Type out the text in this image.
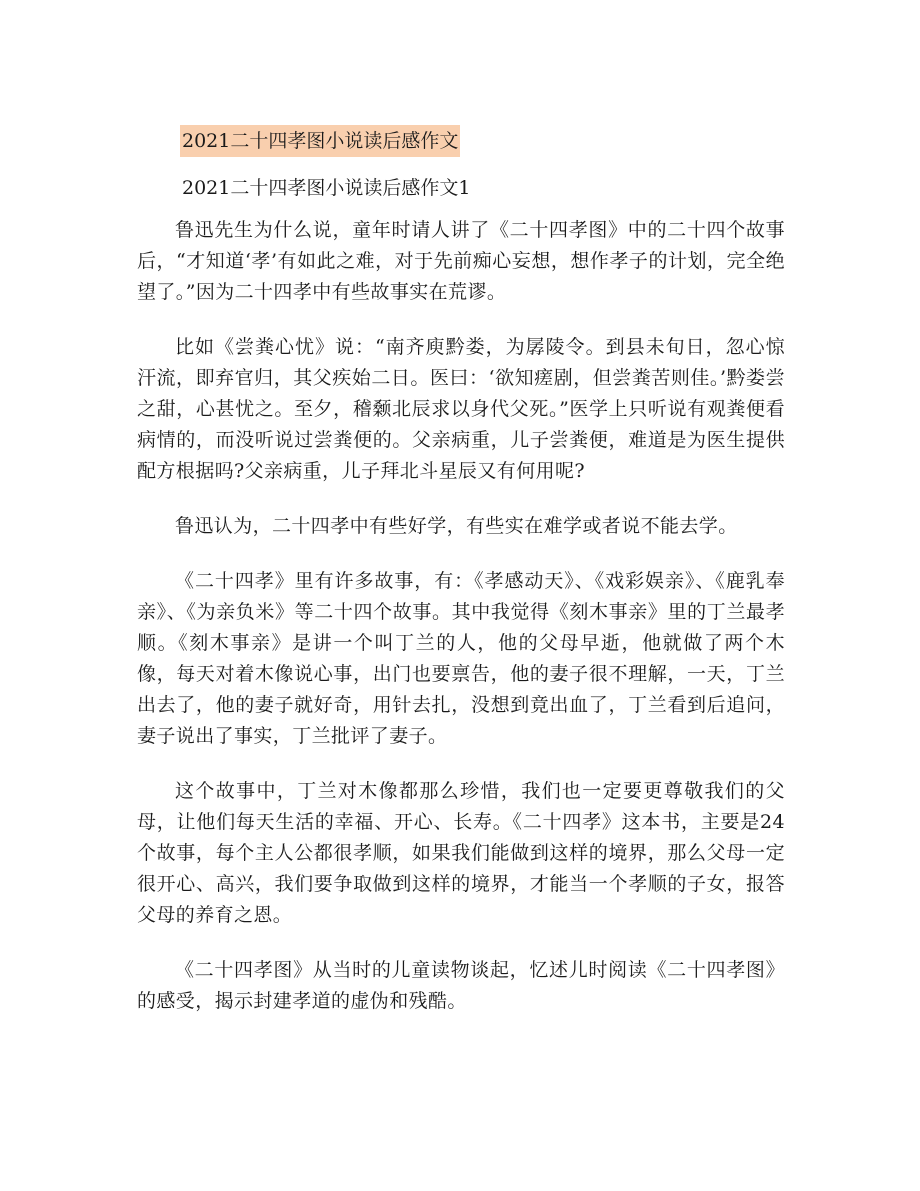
2021二十四孝图小说读后感作文
2021二十四孝图小说读后感作文1

鲁迅先生为什么说，童年时请人讲了《二十四孝图》中的二十四个故事后，“才知道‘孝’有如此之难，对于先前痴心妄想，想作孝子的计划，完全绝望了。”因为二十四孝中有些故事实在荒谬。

比如《尝粪心忧》说：“南齐庾黔娄，为孱陵令。到县未旬日，忽心惊汗流，即弃官归，其父疾始二日。医曰：‘欲知瘥剧，但尝粪苦则佳。’黔娄尝之甜，心甚忧之。至夕，稽颡北辰求以身代父死。”医学上只听说有观粪便看病情的，而没听说过尝粪便的。父亲病重，儿子尝粪便，难道是为医生提供配方根据吗?父亲病重，儿子拜北斗星辰又有何用呢?

鲁迅认为，二十四孝中有些好学，有些实在难学或者说不能去学。

《二十四孝》里有许多故事，有：《孝感动天》、《戏彩娱亲》、《鹿乳奉亲》、《为亲负米》等二十四个故事。其中我觉得《刻木事亲》里的丁兰最孝顺。《刻木事亲》是讲一个叫丁兰的人，他的父母早逝，他就做了两个木像，每天对着木像说心事，出门也要禀告，他的妻子很不理解，一天，丁兰出去了，他的妻子就好奇，用针去扎，没想到竟出血了，丁兰看到后追问，妻子说出了事实，丁兰批评了妻子。

这个故事中，丁兰对木像都那么珍惜，我们也一定要更尊敬我们的父母，让他们每天生活的幸福、开心、长寿。《二十四孝》这本书，主要是24个故事，每个主人公都很孝顺，如果我们能做到这样的境界，那么父母一定很开心、高兴，我们要争取做到这样的境界，才能当一个孝顺的子女，报答父母的养育之恩。

《二十四孝图》从当时的儿童读物谈起，忆述儿时阅读《二十四孝图》的感受，揭示封建孝道的虚伪和残酷。
